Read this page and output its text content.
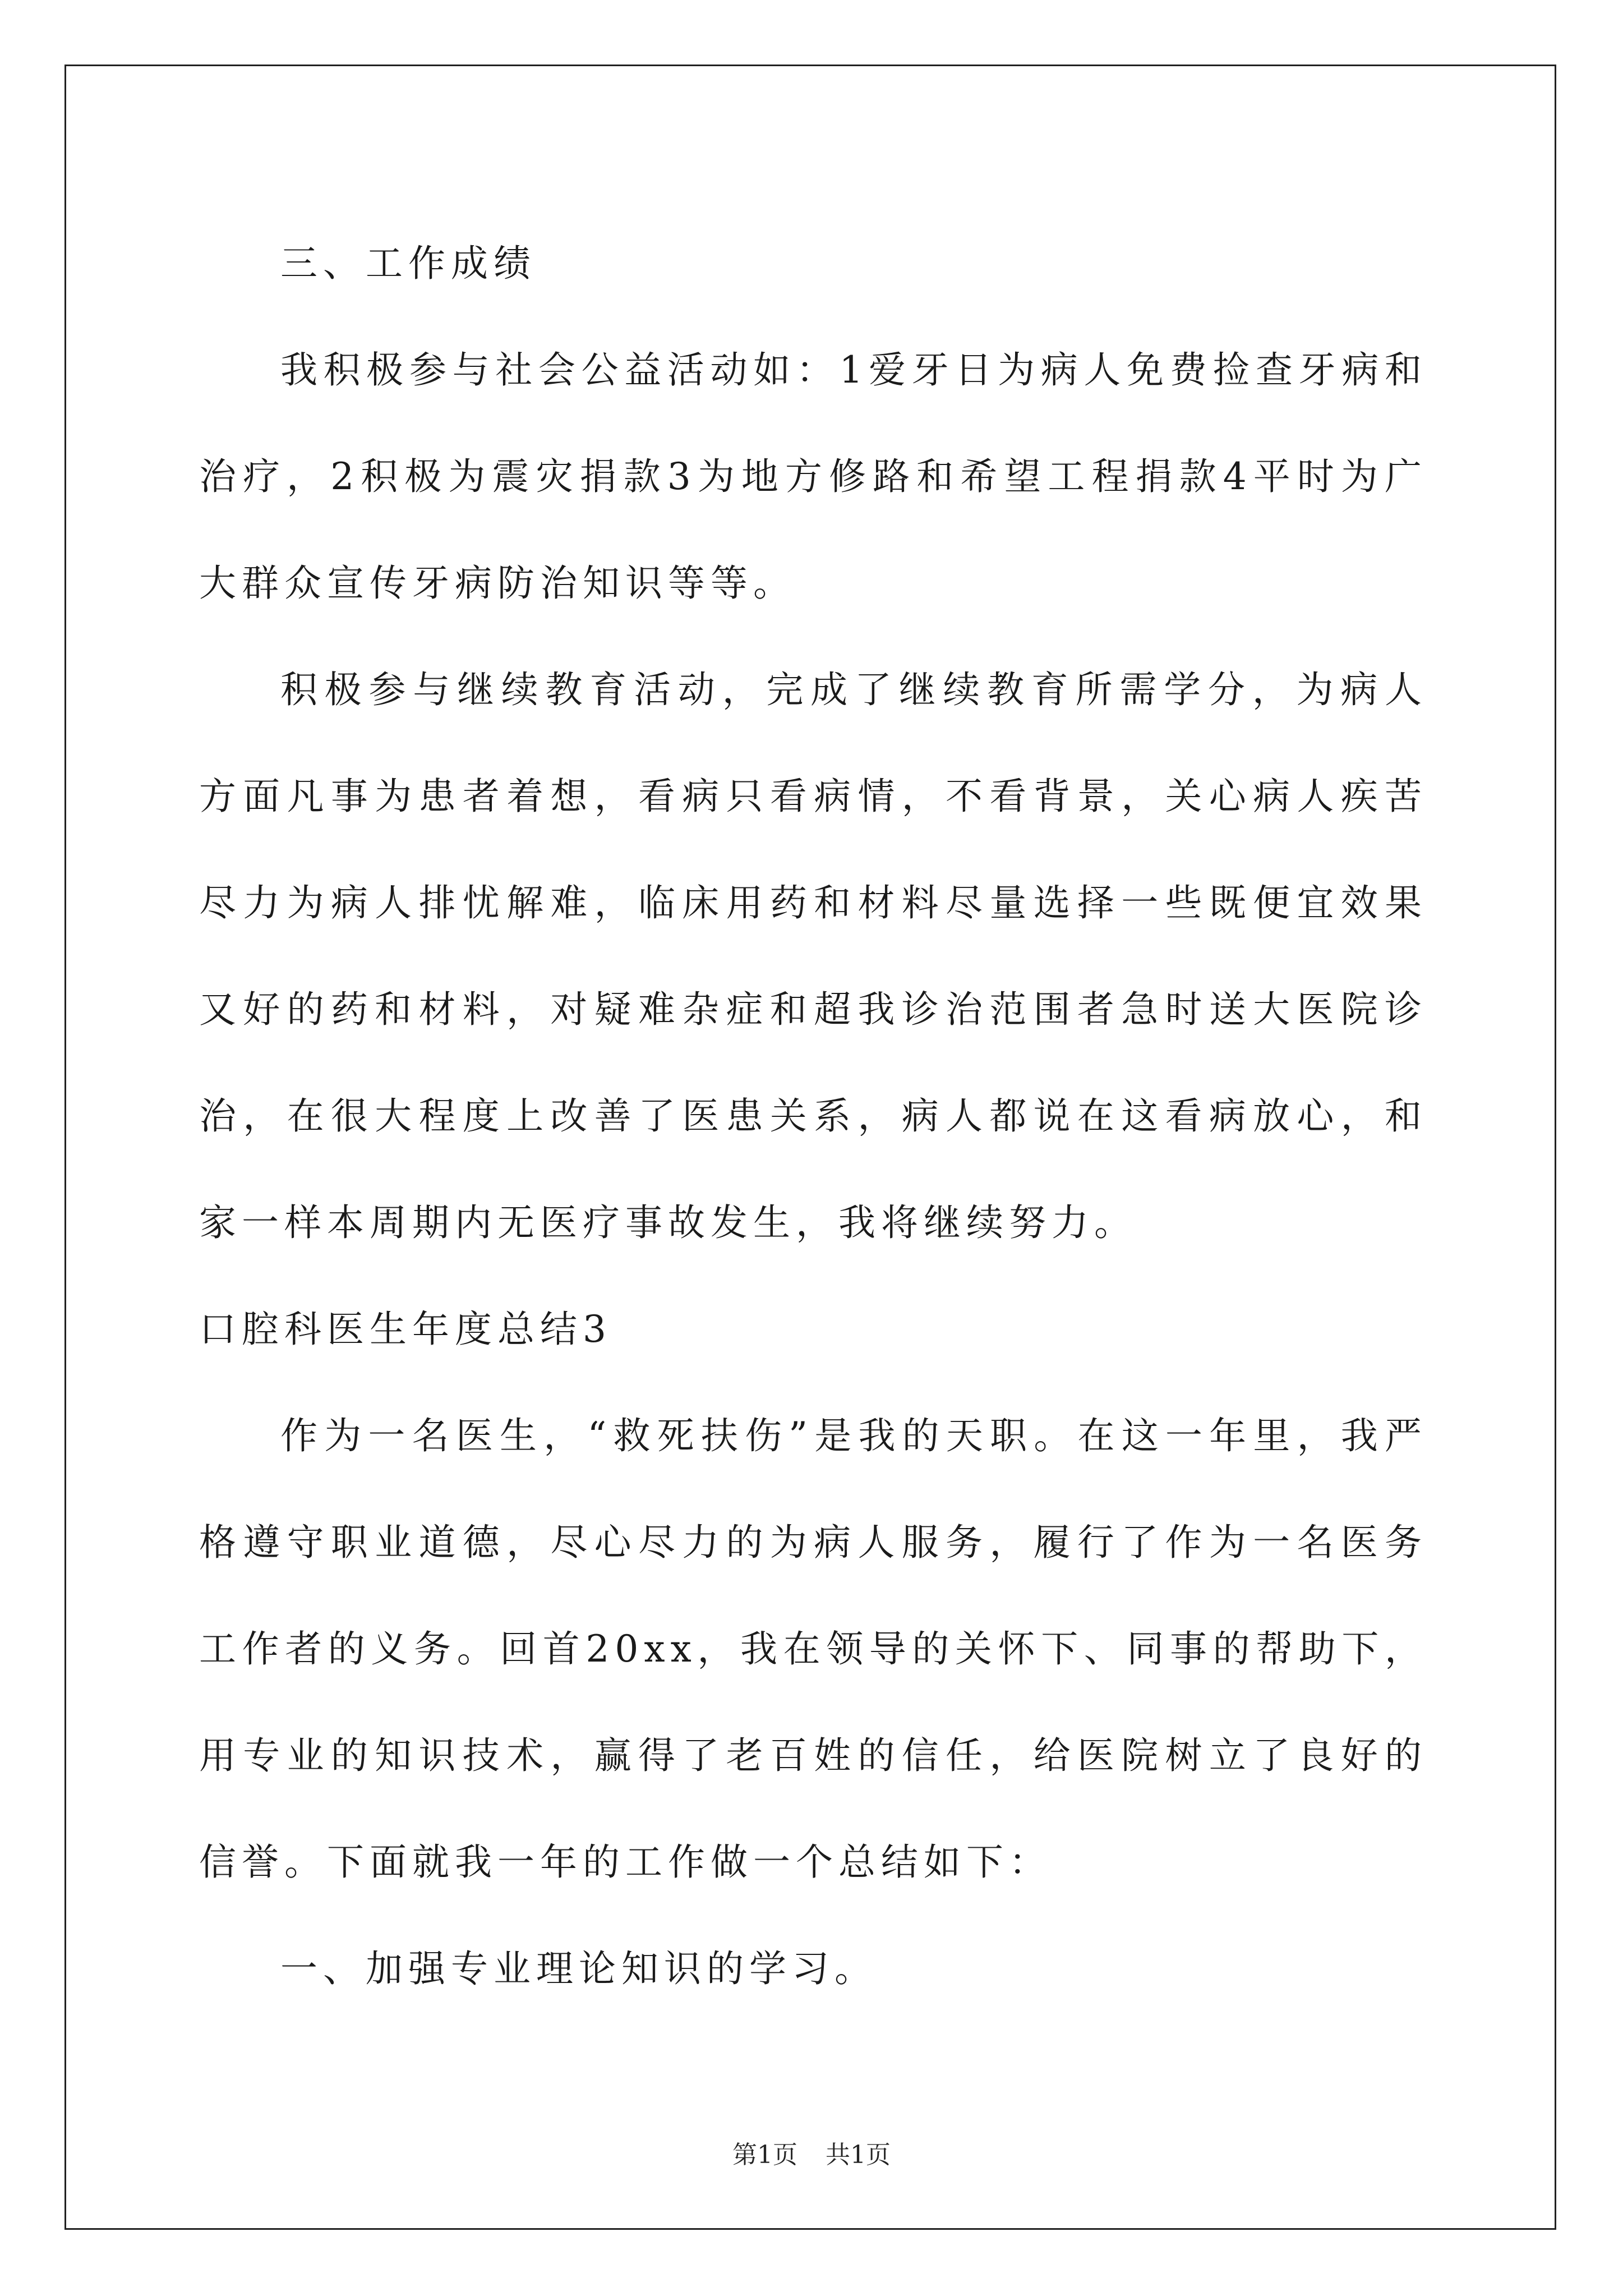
三、工作成绩

我积极参与社会公益活动如：1爱牙日为病人免费捡查牙病和治疗，2积极为震灾捐款3为地方修路和希望工程捐款4平时为广大群众宣传牙病防治知识等等。

积极参与继续教育活动，完成了继续教育所需学分，为病人方面凡事为患者着想，看病只看病情，不看背景，关心病人疾苦尽力为病人排忧解难，临床用药和材料尽量选择一些既便宜效果又好的药和材料，对疑难杂症和超我诊治范围者急时送大医院诊治，在很大程度上改善了医患关系，病人都说在这看病放心，和家一样本周期内无医疗事故发生，我将继续努力。

口腔科医生年度总结3

作为一名医生，“救死扶伤”是我的天职。在这一年里，我严格遵守职业道德，尽心尽力的为病人服务，履行了作为一名医务工作者的义务。回首20xx，我在领导的关怀下、同事的帮助下，用专业的知识技术，赢得了老百姓的信任，给医院树立了良好的信誉。下面就我一年的工作做一个总结如下：

一、加强专业理论知识的学习。

第1页 共1页
